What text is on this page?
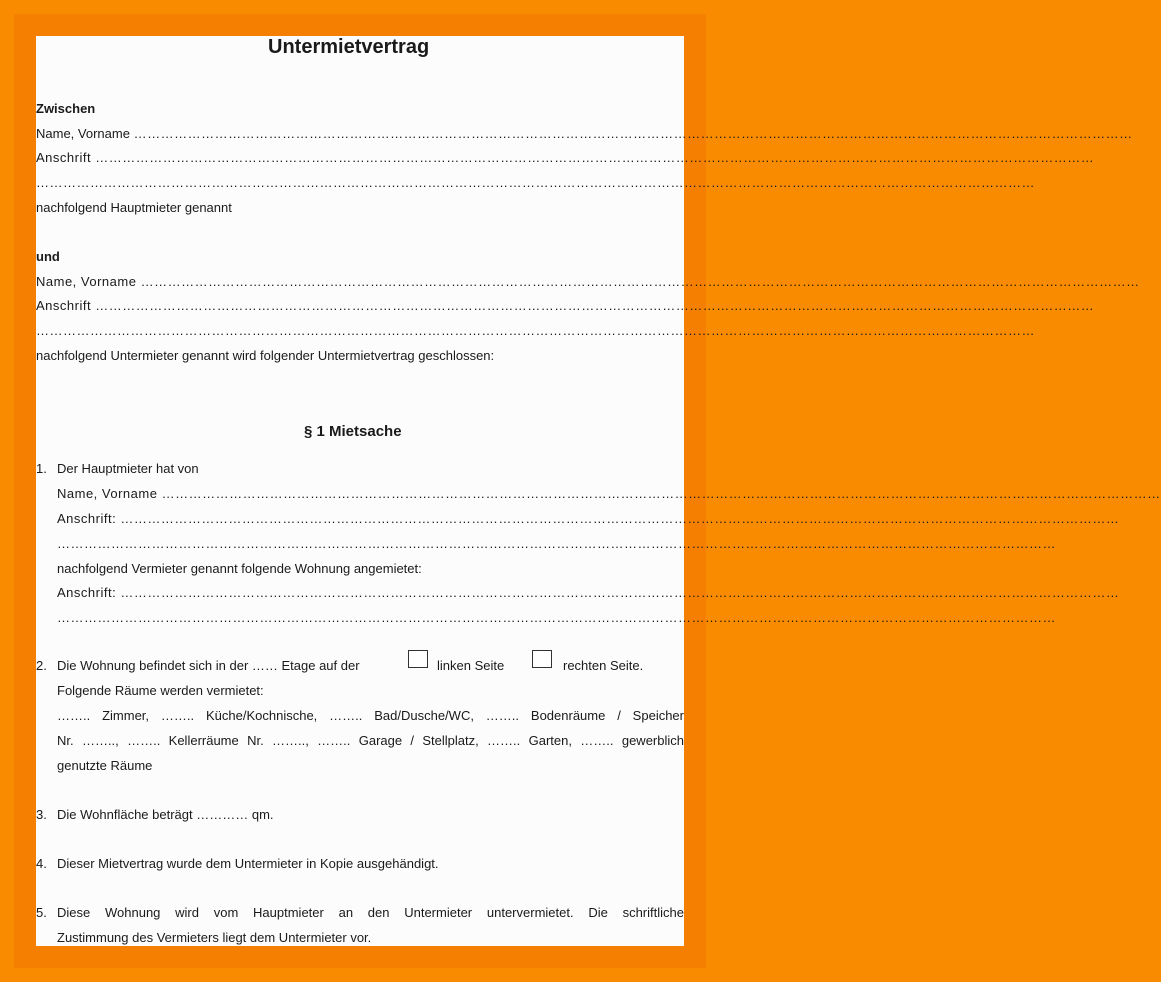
Untermietvertrag
Zwischen
Name, Vorname ……………………………………………………………………………………………………………………………………………………………………………………………………
Anschrift ……………………………………………………………………………………………………………………………………………………………………………………………………
……………………………………………………………………………………………………………………………………………………………………………………………………
nachfolgend Hauptmieter genannt
und
Name, Vorname ……………………………………………………………………………………………………………………………………………………………………………………………………
Anschrift ……………………………………………………………………………………………………………………………………………………………………………………………………
……………………………………………………………………………………………………………………………………………………………………………………………………
nachfolgend Untermieter genannt wird folgender Untermietvertrag geschlossen:
§ 1 Mietsache
1. Der Hauptmieter hat von
Name, Vorname ……………………………………………………………………………………………………………………………………………………………………………………………………
Anschrift: ……………………………………………………………………………………………………………………………………………………………………………………………………
……………………………………………………………………………………………………………………………………………………………………………………………………
nachfolgend Vermieter genannt folgende Wohnung angemietet:
Anschrift: ……………………………………………………………………………………………………………………………………………………………………………………………………
……………………………………………………………………………………………………………………………………………………………………………………………………
2. Die Wohnung befindet sich in der …… Etage auf der	linken Seite	rechten Seite.
Folgende Räume werden vermietet:
…….. Zimmer, …….. Küche/Kochnische, …….. Bad/Dusche/WC, …….. Bodenräume / Speicher
Nr. …….., …….. Kellerräume Nr. …….., …….. Garage / Stellplatz, …….. Garten, …….. gewerblich
genutzte Räume
3. Die Wohnfläche beträgt ………… qm.
4. Dieser Mietvertrag wurde dem Untermieter in Kopie ausgehändigt.
5. Diese Wohnung wird vom Hauptmieter an den Untermieter untervermietet. Die schriftliche
Zustimmung des Vermieters liegt dem Untermieter vor.
